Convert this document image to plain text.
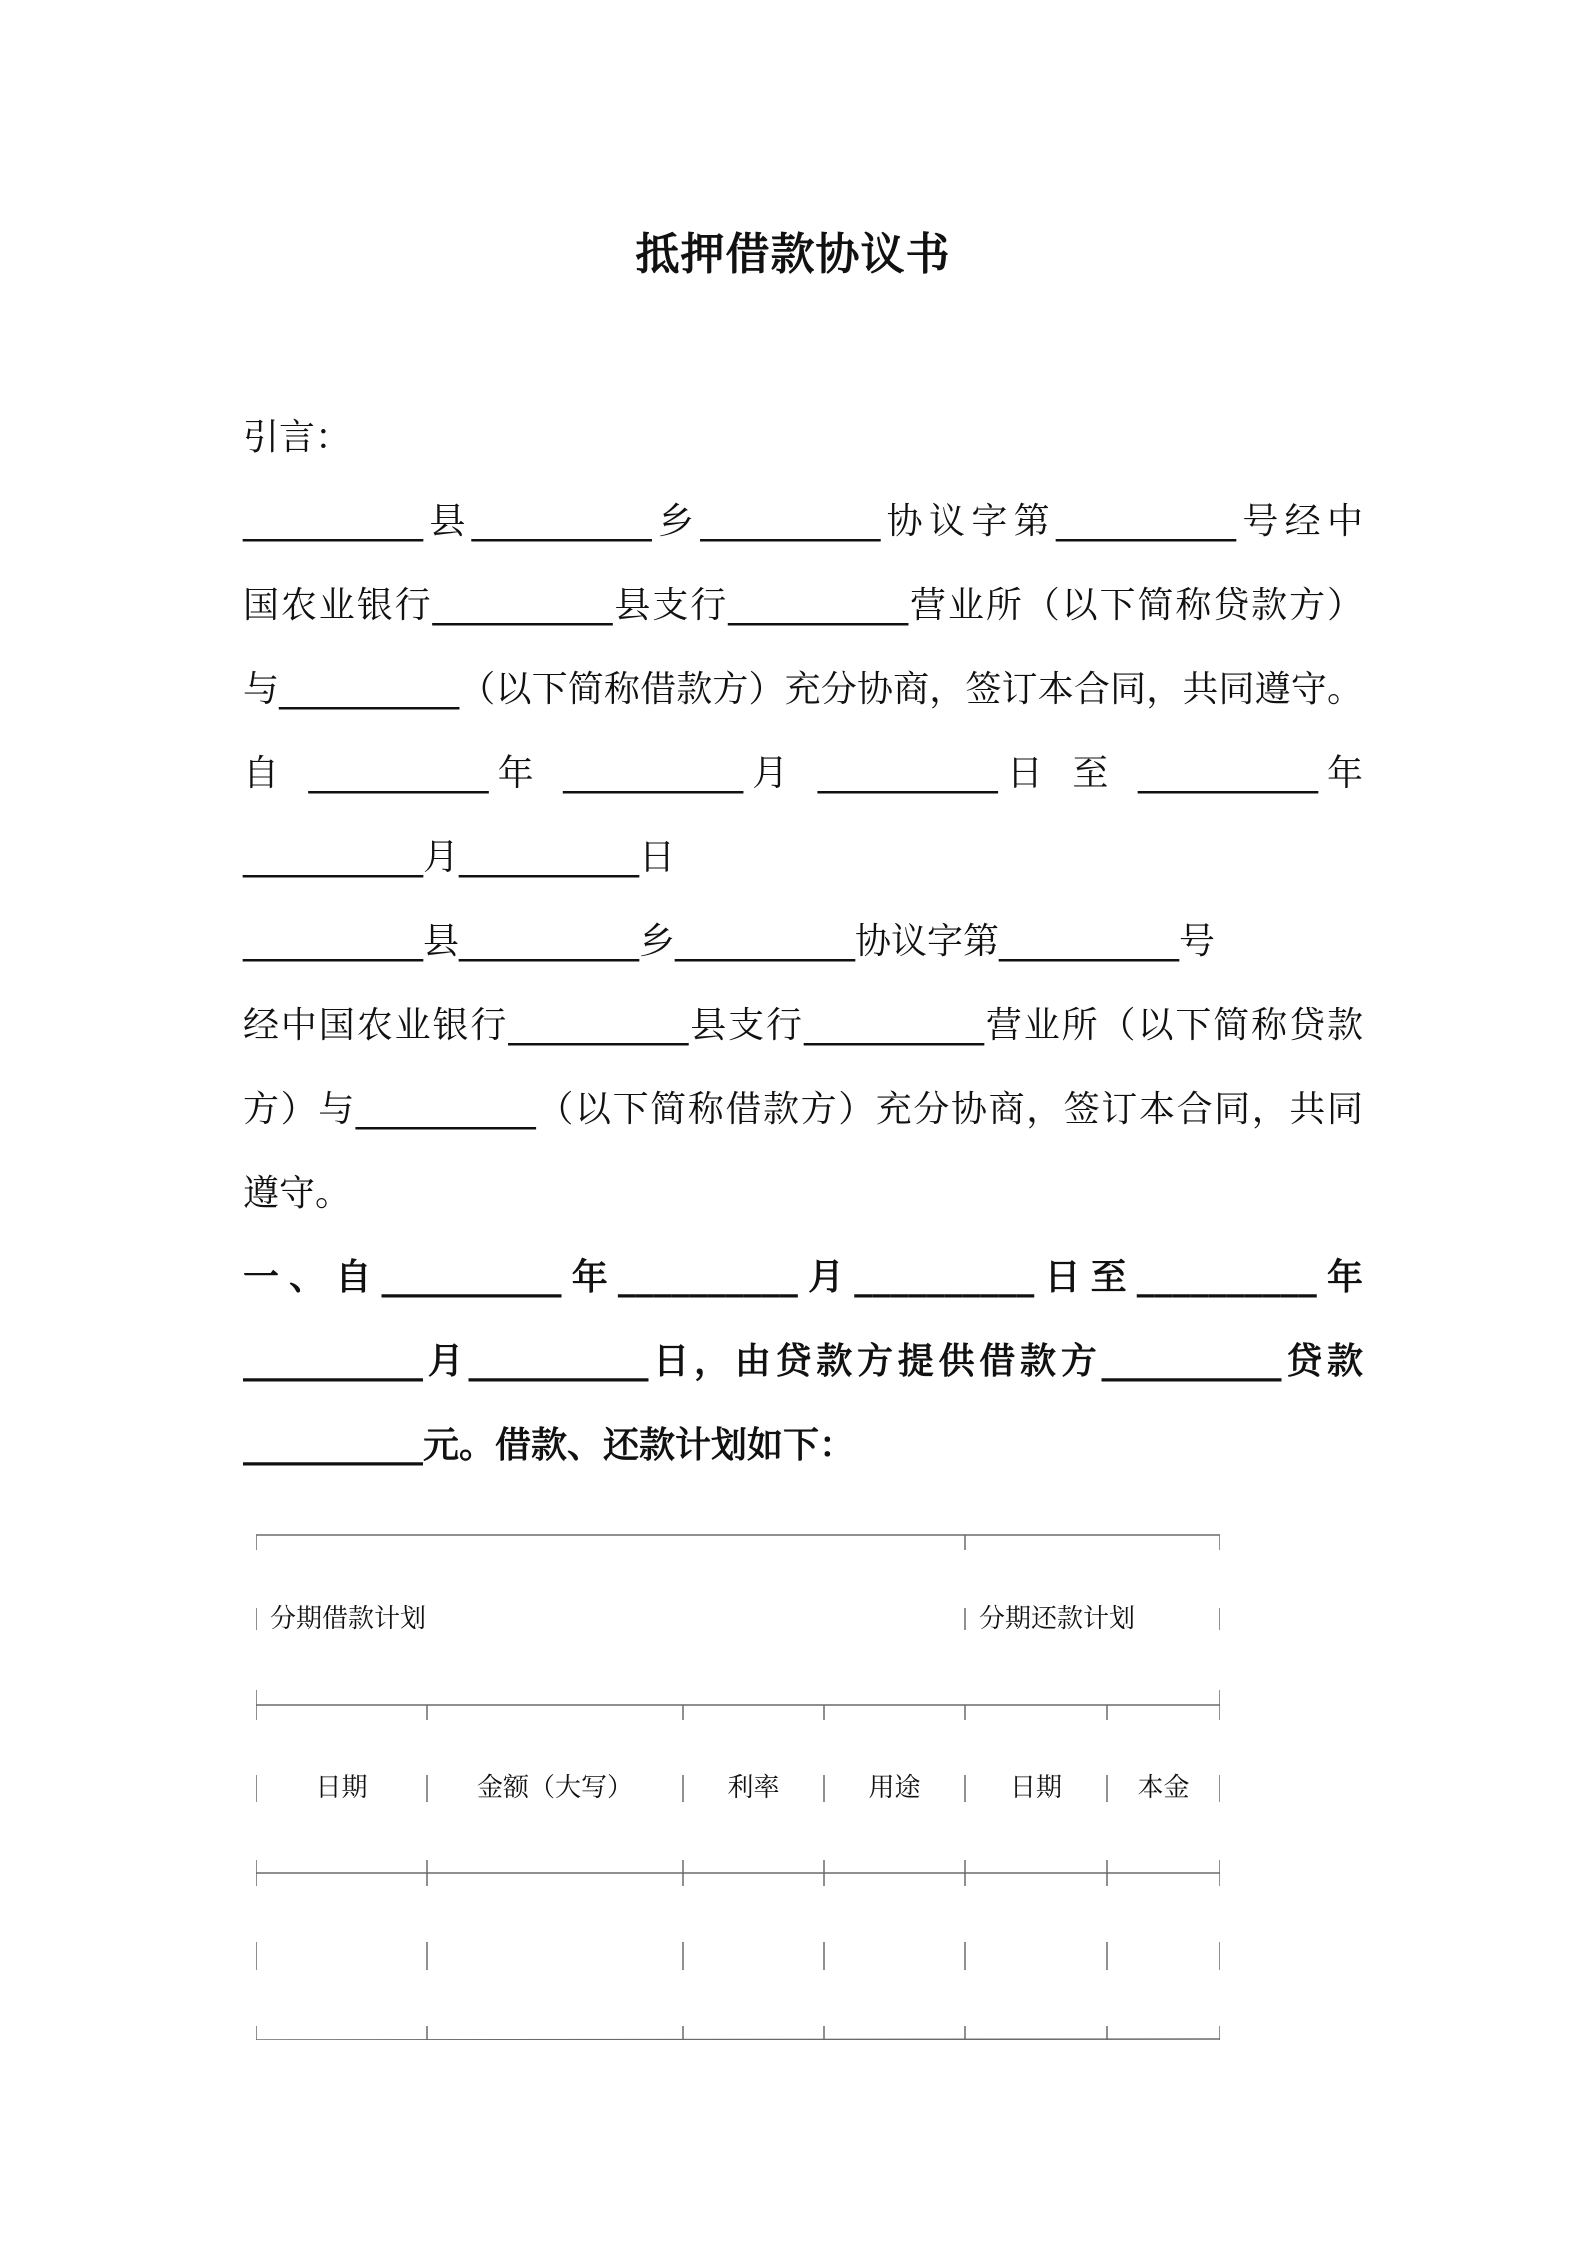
抵押借款协议书
引言：
__________县__________乡__________协议字第__________号经中
国农业银行__________县支行__________营业所（以下简称贷款方）
与__________（以下简称借款方）充分协商，签订本合同，共同遵守。
自 __________年 __________月 __________日 至 __________年
__________月__________日
__________县__________乡__________协议字第__________号
经中国农业银行__________县支行__________营业所（以下简称贷款
方）与__________（以下简称借款方）充分协商，签订本合同，共同
遵守。
一、自__________年__________月__________日至__________年
__________月__________日，由贷款方提供借款方__________贷款
__________元。借款、还款计划如下：
分期借款计划	分期还款计划
日期	金额（大写）	利率	用途	日期	本金
